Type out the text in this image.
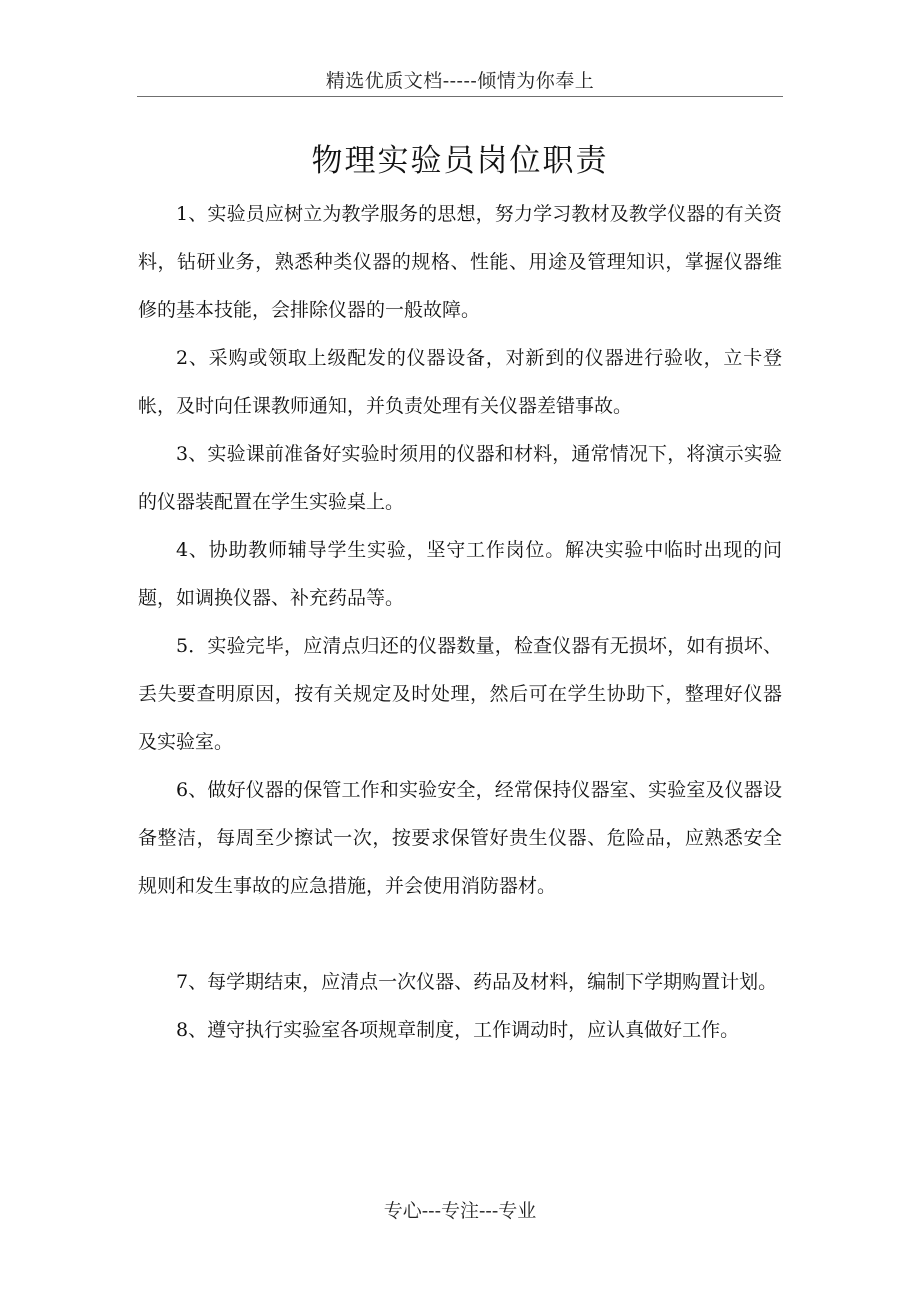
精选优质文档-----倾情为你奉上
物理实验员岗位职责

1、实验员应树立为教学服务的思想，努力学习教材及教学仪器的有关资料，钻研业务，熟悉种类仪器的规格、性能、用途及管理知识，掌握仪器维修的基本技能，会排除仪器的一般故障。

2、采购或领取上级配发的仪器设备，对新到的仪器进行验收，立卡登帐，及时向任课教师通知，并负责处理有关仪器差错事故。

3、实验课前准备好实验时须用的仪器和材料，通常情况下，将演示实验的仪器装配置在学生实验桌上。

4、协助教师辅导学生实验，坚守工作岗位。解决实验中临时出现的问题，如调换仪器、补充药品等。

5．实验完毕，应清点归还的仪器数量，检查仪器有无损坏，如有损坏、丢失要查明原因，按有关规定及时处理，然后可在学生协助下，整理好仪器及实验室。

6、做好仪器的保管工作和实验安全，经常保持仪器室、实验室及仪器设备整洁，每周至少擦试一次，按要求保管好贵生仪器、危险品，应熟悉安全规则和发生事故的应急措施，并会使用消防器材。

7、每学期结束，应清点一次仪器、药品及材料，编制下学期购置计划。

8、遵守执行实验室各项规章制度，工作调动时，应认真做好工作。

专心---专注---专业
